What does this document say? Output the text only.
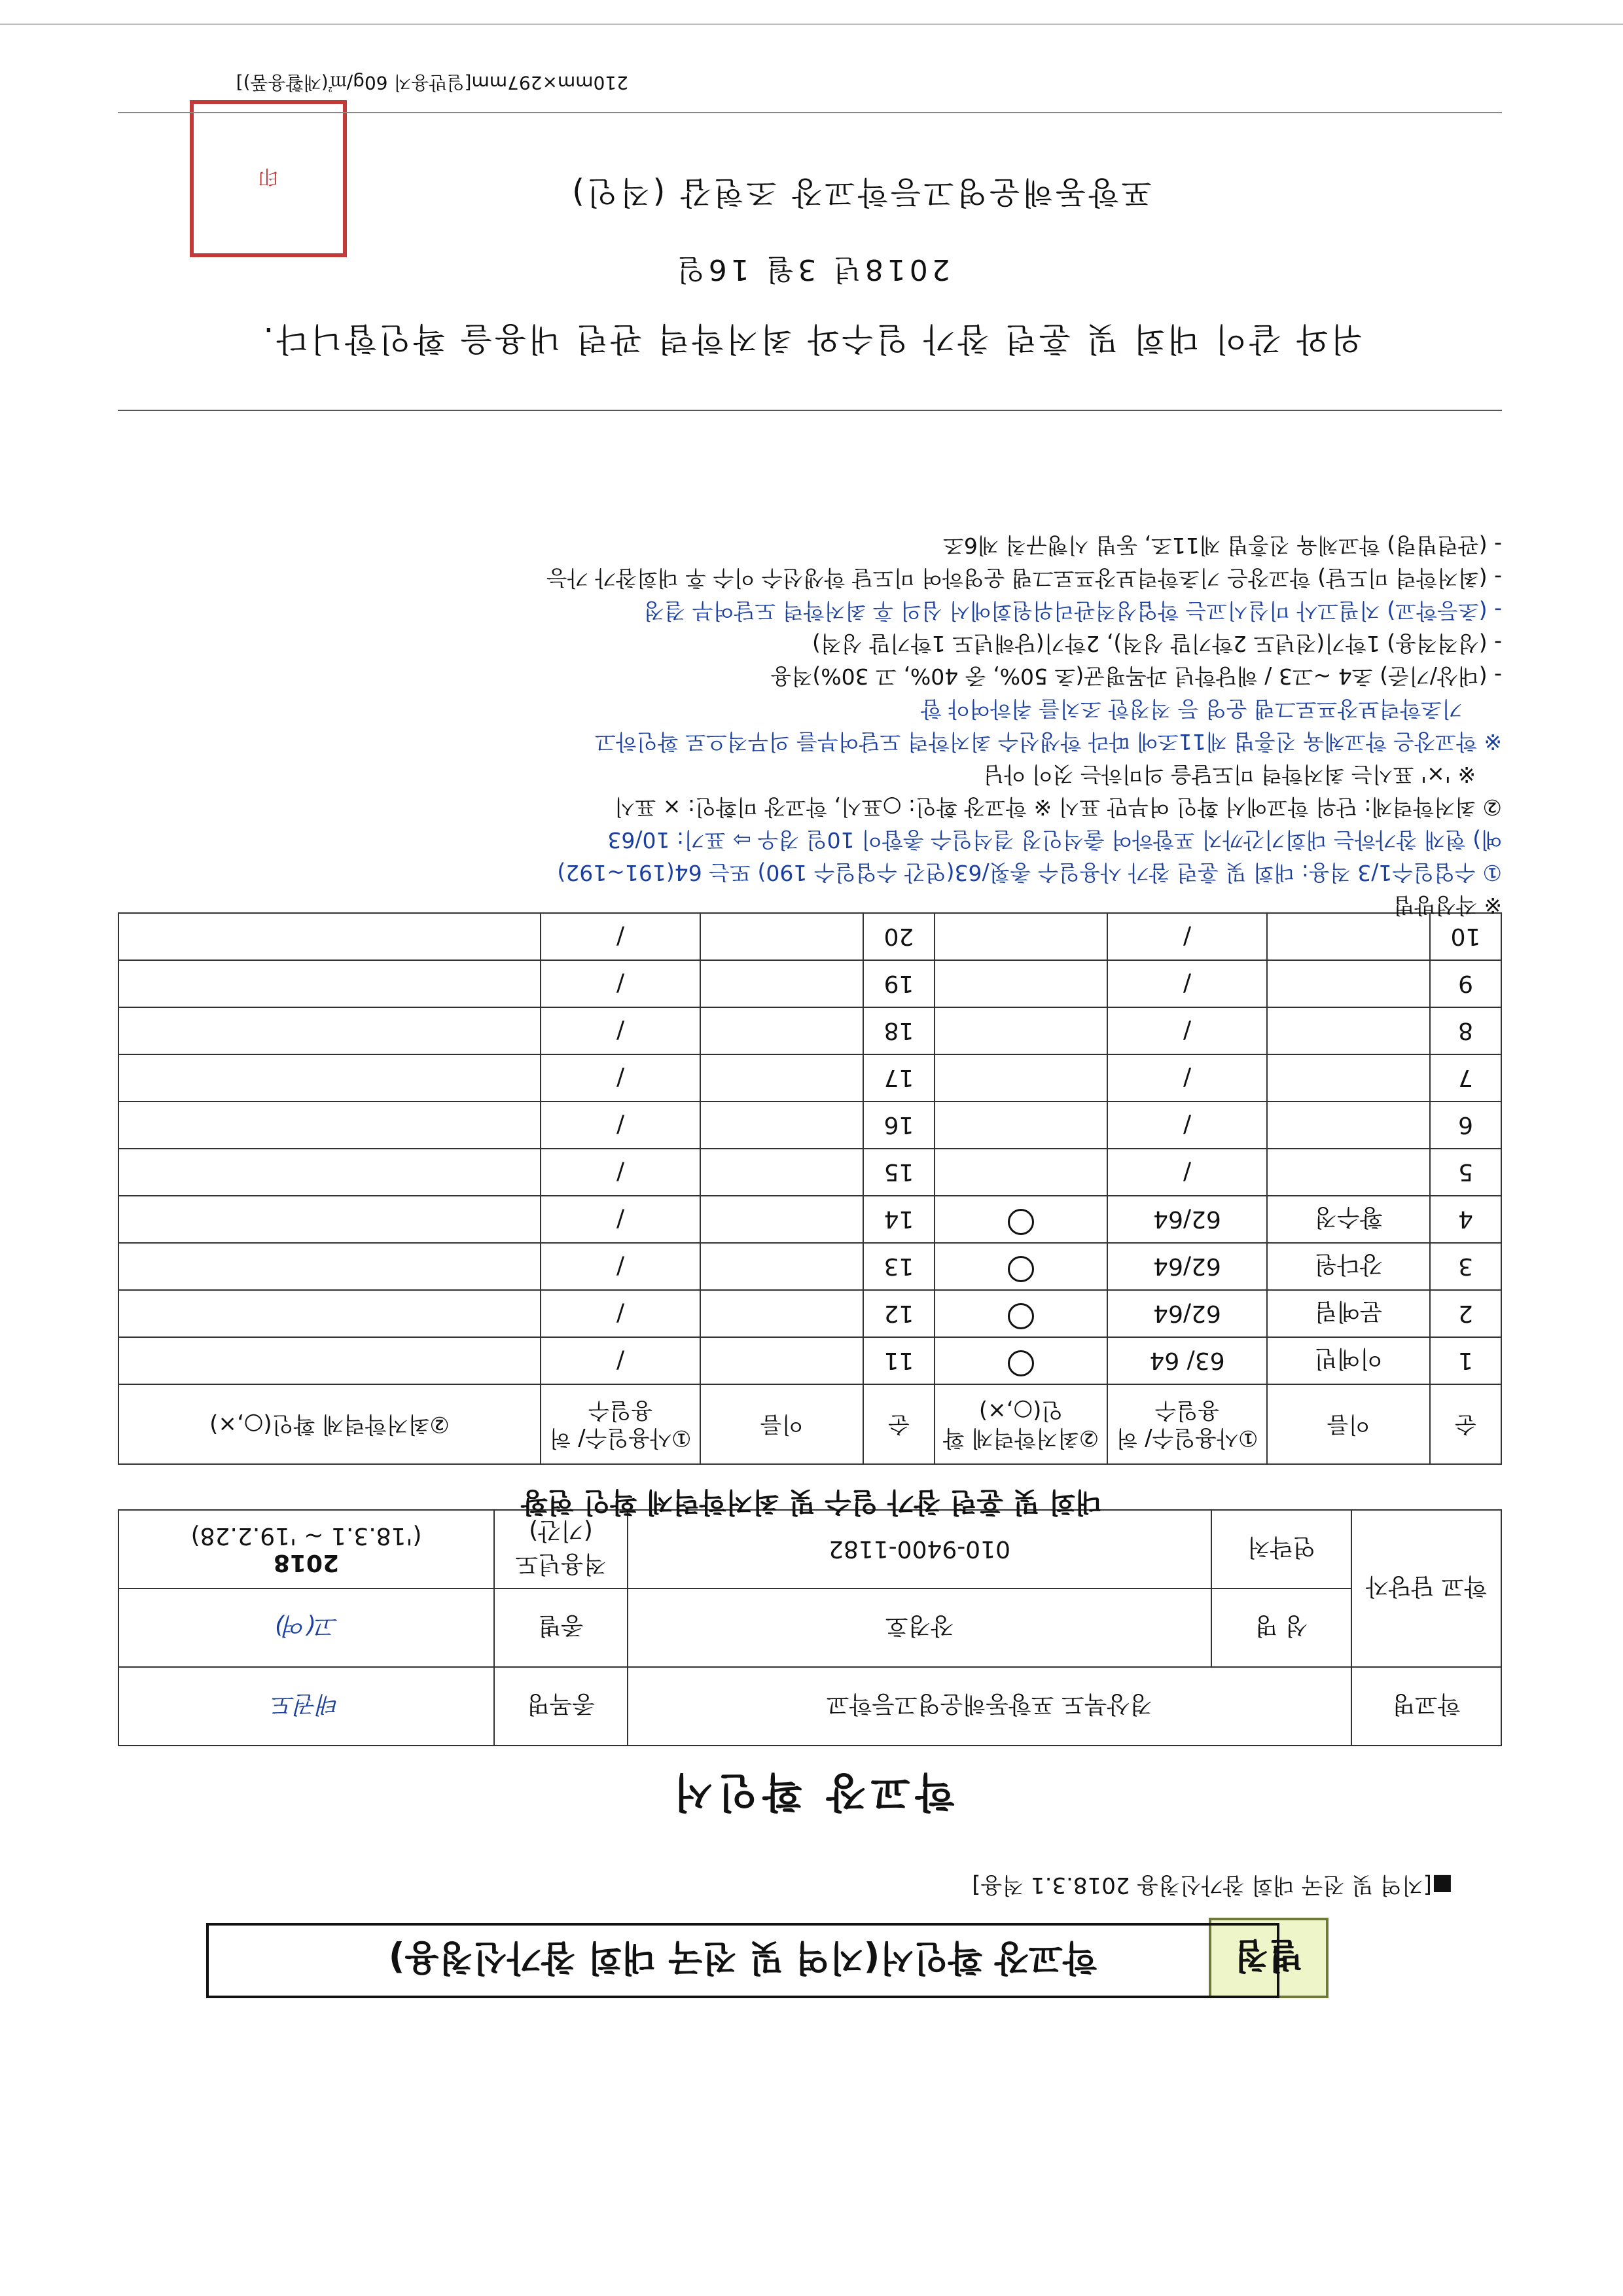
별첨
학교장 확인서(지역 및 전국 대회 참가신청용)
■[지역 및 전국 대회 참가신청용 2018.3.1 적용]
학교장 확인서
학교명	경상북도 포항동해운영고등학교		종목명	태권도
학교 담당자	성 명	장경호	종별	고(여)
	연락처	010-9400-1182	적용년도 (기간)	2018
('18.3.1 ~ '19.2.28)
대회 및 훈련 참가 일수 및 최저학력제 확인 현황
순	이름	①사용일수/ 허용일수	②최저학력제 확인(○,×)	순	이름	①사용일수/ 허용일수	②최저학력제 확인(○,×)
1	이예빈	63/ 64		11		/	
2	문예림	62/64		12		/	
3	강다원	62/64		13		/	
4	황수정	62/64		14		/	
5		/		15		/	
6		/		16		/	
7		/		17		/	
8		/		18		/	
9		/		19		/	
10		/		20		/	
※ 작성방법
① 수업일수1/3 적용: 대회 및 훈련 참가 사용일수 총횟/63(연간 수업일수 190) 또는 64(191~192)
예) 현재 참가하는 대회기간까지 포함하여 출석인정 결석일수 총합이 10일 경우 ⇨ 표기: 10/63
② 최저학력제: 단위 학교에서 확인 여부만 표시 ※ 학교장 확인: ○표시, 학교장 미확인: × 표시
※ '×' 표시는 최저학력 미도달을 의미하는 것이 아님
※ 학교장은 학교체육 진흥법 제11조에 따라 학생선수 최저학력 도달여부를 의무적으로 확인하고
기초학력보장프로그램 운영 등 적정한 조치를 취하여야 함
- (대상/기준) 초4 ~고3 / 해당학년 과목평균(초 50%, 중 40%, 고 30%)적용
- (성적적용) 1학기(전년도 2학기말 성적), 2학기(당해년도 1학기말 성적)
- (초등학교) 지필고사 미실시교는 학업성적관리위원회에서 심의 후 최저학력 도달여부 결정
- (최저학력 미도달) 학교장은 기초학력보장프로그램 운영하여 미도달 학생선수 이수 후 대회참가 가능
- (관련법령) 학교체육 진흥법 제11조, 동법 시행규칙 제6조
위와 같이 대회 및 훈련 참가 일수와 최저학력 관련 내용을 확인합니다.
2018년 3월 16일
포항동해운영고등학교장 조현갑 (직인)
印
210mm×297mm[일반용지 60g/㎡(재활용품)]
